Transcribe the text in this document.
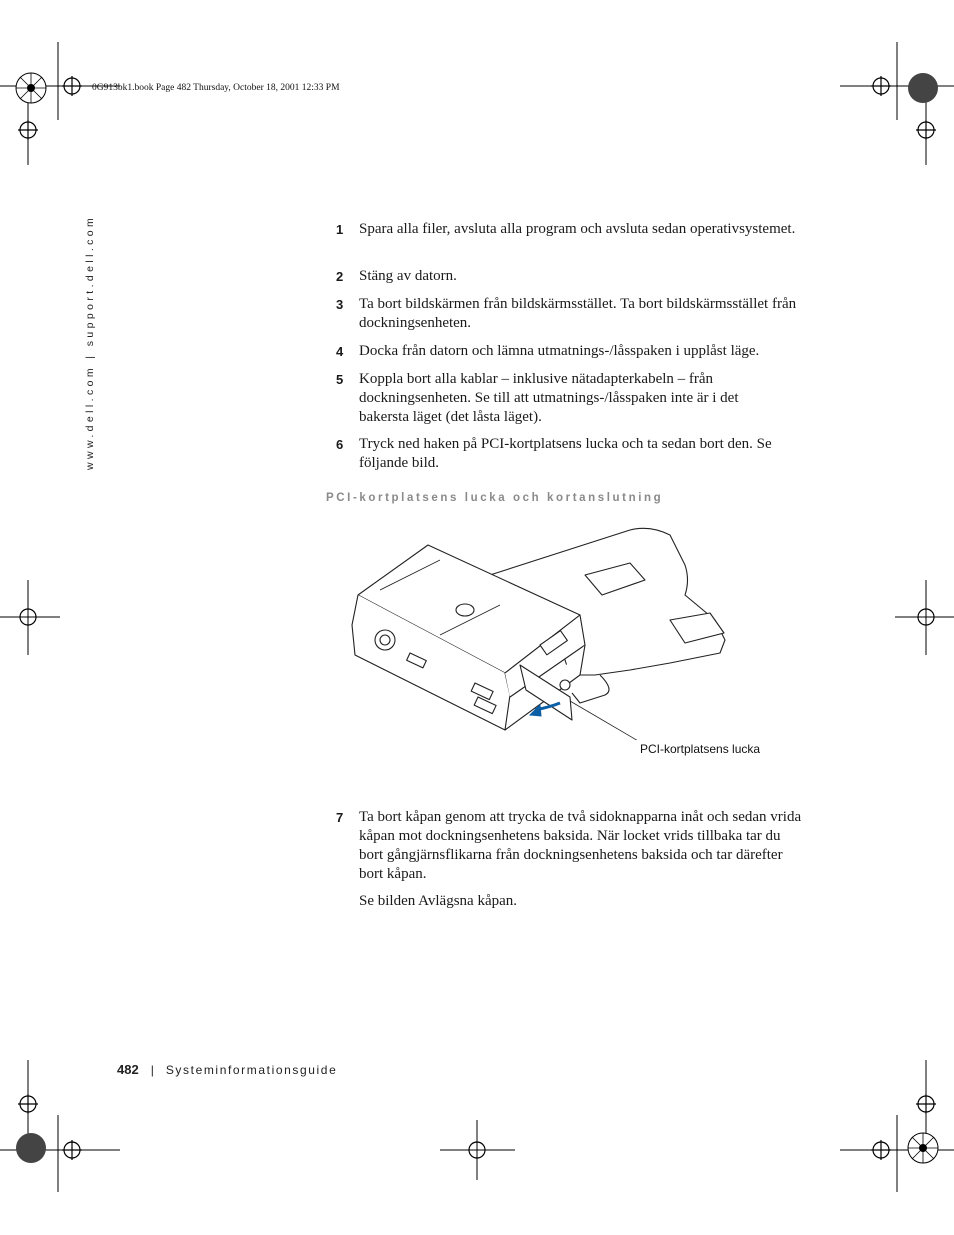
0G913bk1.book Page 482 Thursday, October 18, 2001 12:33 PM
www.dell.com | support.dell.com	1 Spara alla filer, avsluta alla program och avsluta sedan operativsystemet.
2 Stäng av datorn.
3 Ta bort bildskärmen från bildskärmsstället. Ta bort bildskärmsstället från dockningsenheten.
4 Docka från datorn och lämna utmatnings-/låsspaken i upplåst läge.
5 Koppla bort alla kablar – inklusive nätadapterkabeln – från dockningsenheten. Se till att utmatnings-/låsspaken inte är i det bakersta läget (det låsta läget).
6 Tryck ned haken på PCI-kortplatsens lucka och ta sedan bort den. Se följande bild.
PCI-kortplatsens lucka och kortanslutning
PCI-kortplatsens lucka
7 Ta bort kåpan genom att trycka de två sidoknapparna inåt och sedan vrida kåpan mot dockningsenhetens baksida. När locket vrids tillbaka tar du bort gångjärnsflikarna från dockningsenhetens baksida och tar därefter bort kåpan.
Se bilden Avlägsna kåpan.
482 | Systeminformationsguide
